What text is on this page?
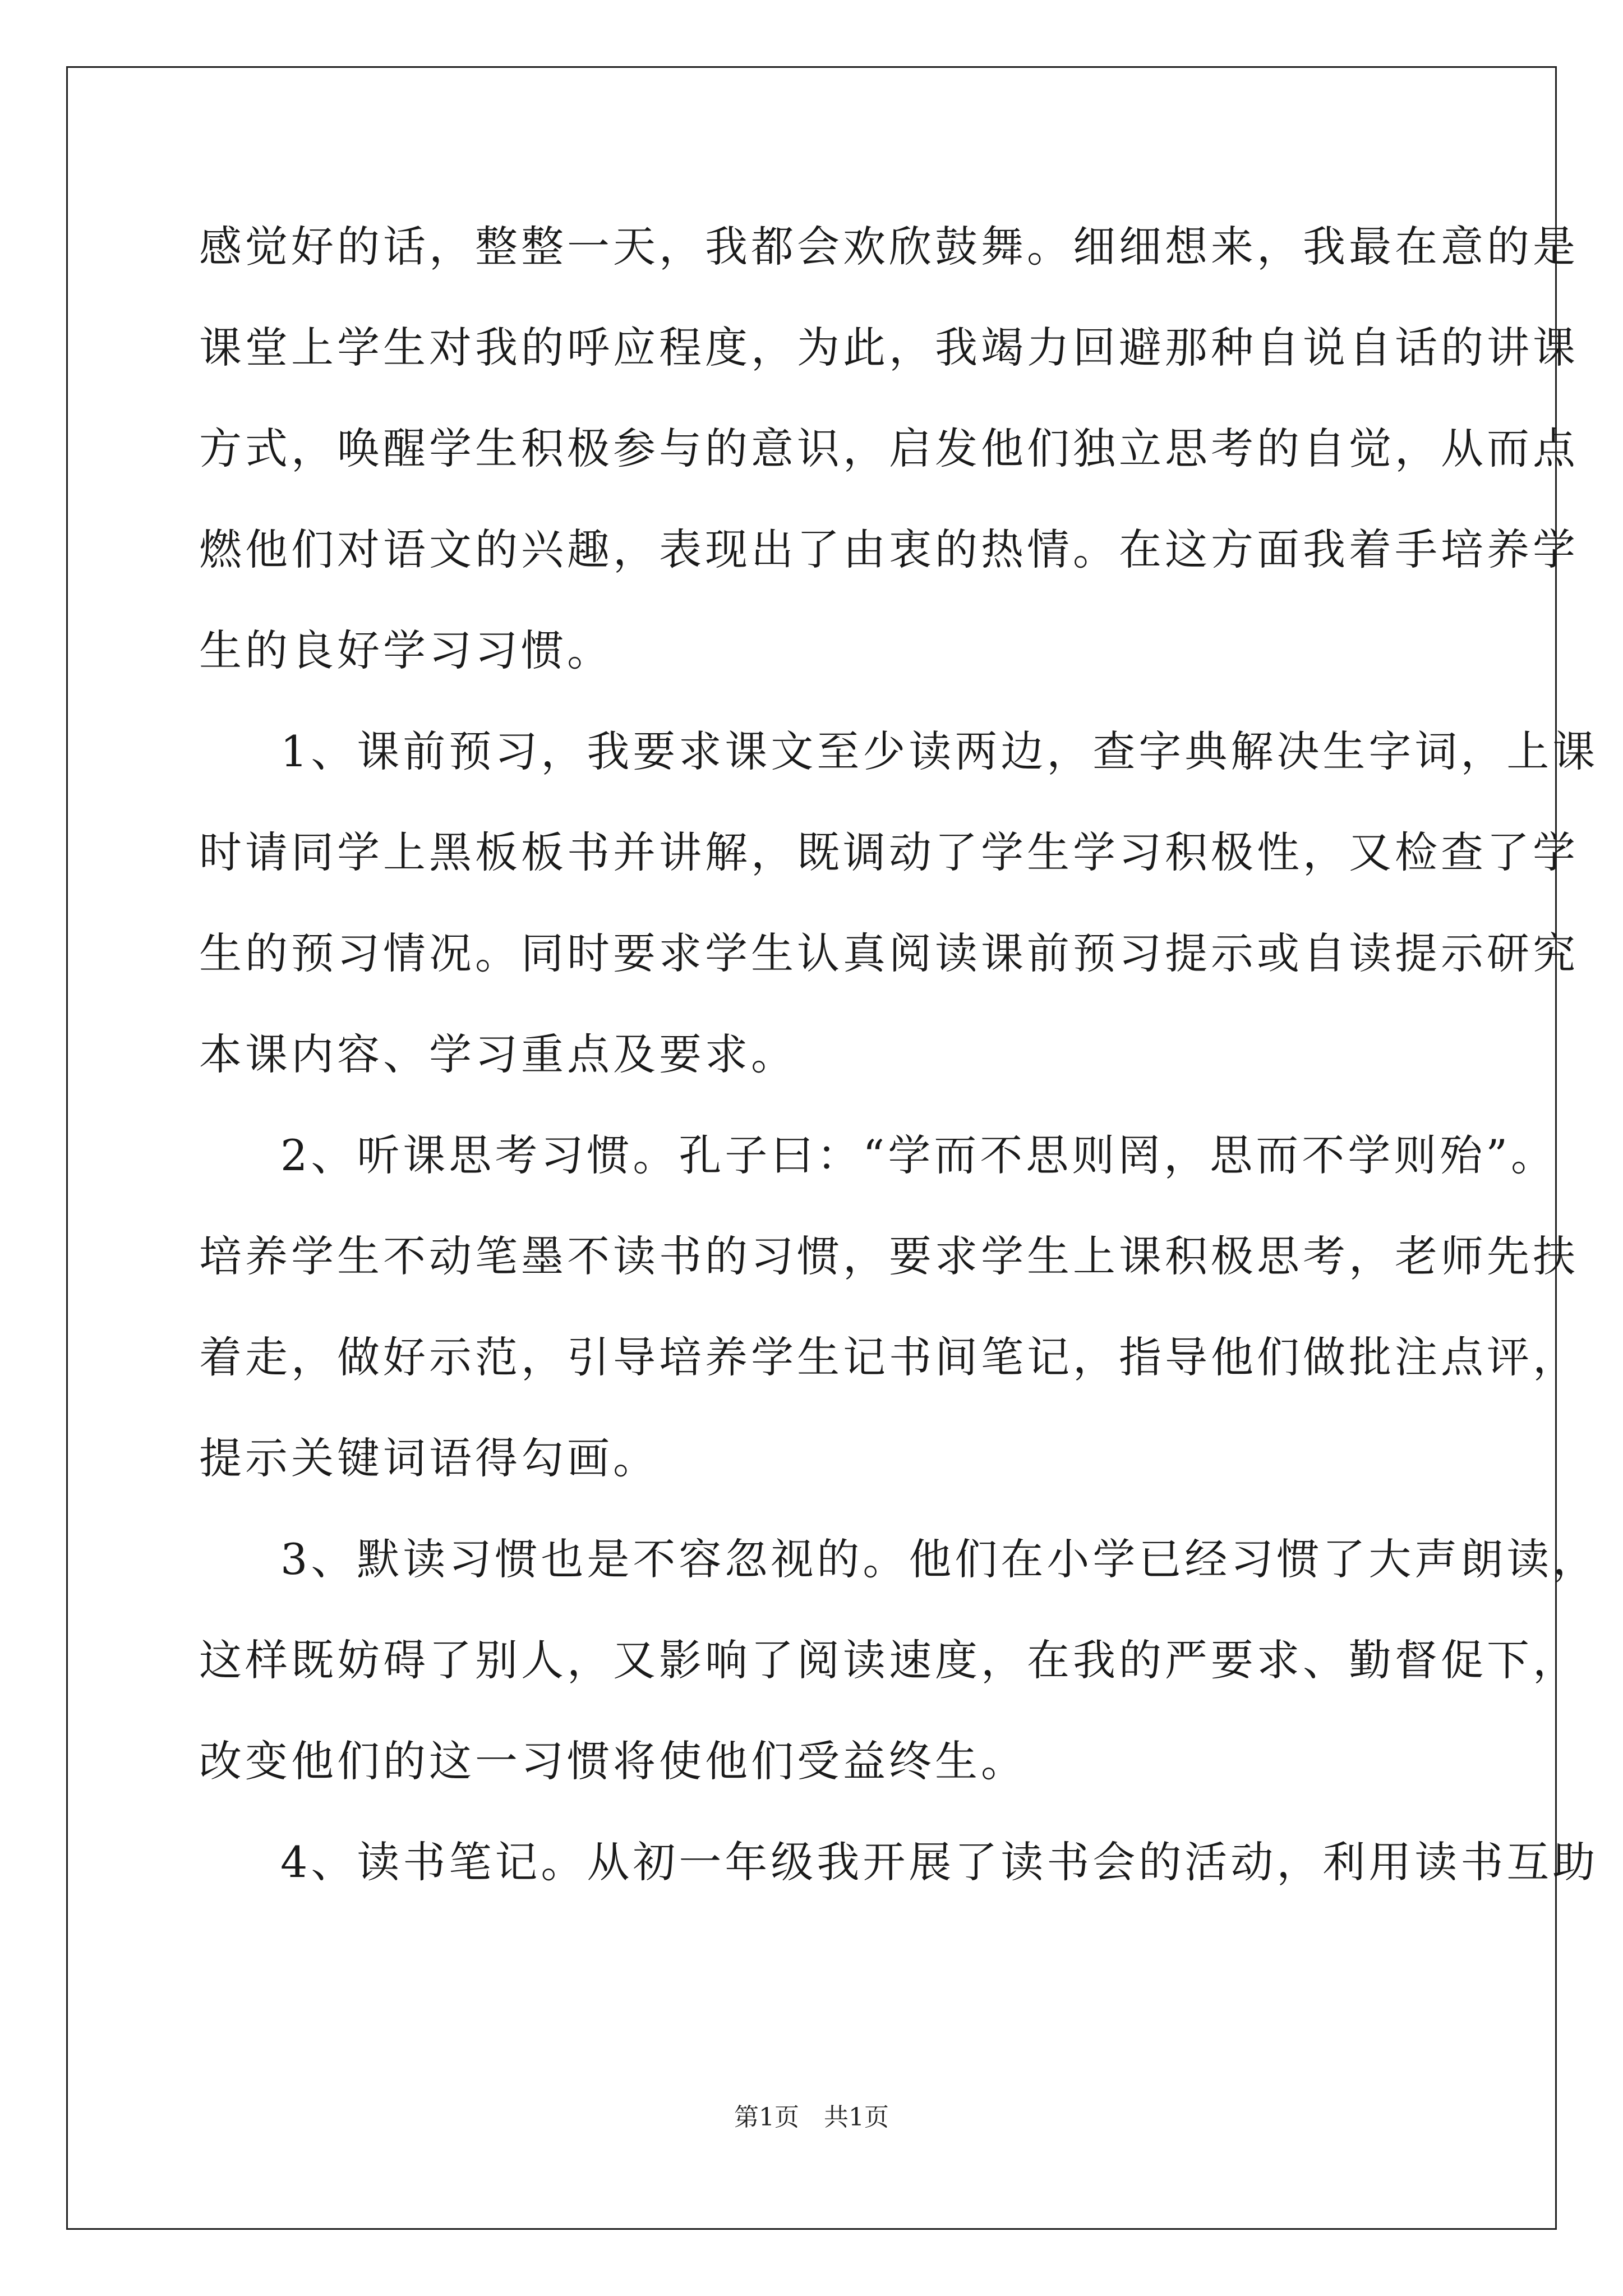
感觉好的话，整整一天，我都会欢欣鼓舞。细细想来，我最在意的是
课堂上学生对我的呼应程度，为此，我竭力回避那种自说自话的讲课
方式，唤醒学生积极参与的意识，启发他们独立思考的自觉，从而点
燃他们对语文的兴趣，表现出了由衷的热情。在这方面我着手培养学
生的良好学习习惯。
1、课前预习，我要求课文至少读两边，查字典解决生字词，上课
时请同学上黑板板书并讲解，既调动了学生学习积极性，又检查了学
生的预习情况。同时要求学生认真阅读课前预习提示或自读提示研究
本课内容、学习重点及要求。
2、听课思考习惯。孔子曰：“学而不思则罔，思而不学则殆”。
培养学生不动笔墨不读书的习惯，要求学生上课积极思考，老师先扶
着走，做好示范，引导培养学生记书间笔记，指导他们做批注点评，
提示关键词语得勾画。
3、默读习惯也是不容忽视的。他们在小学已经习惯了大声朗读，
这样既妨碍了别人，又影响了阅读速度，在我的严要求、勤督促下，
改变他们的这一习惯将使他们受益终生。
4、读书笔记。从初一年级我开展了读书会的活动，利用读书互助
第1页　共1页
